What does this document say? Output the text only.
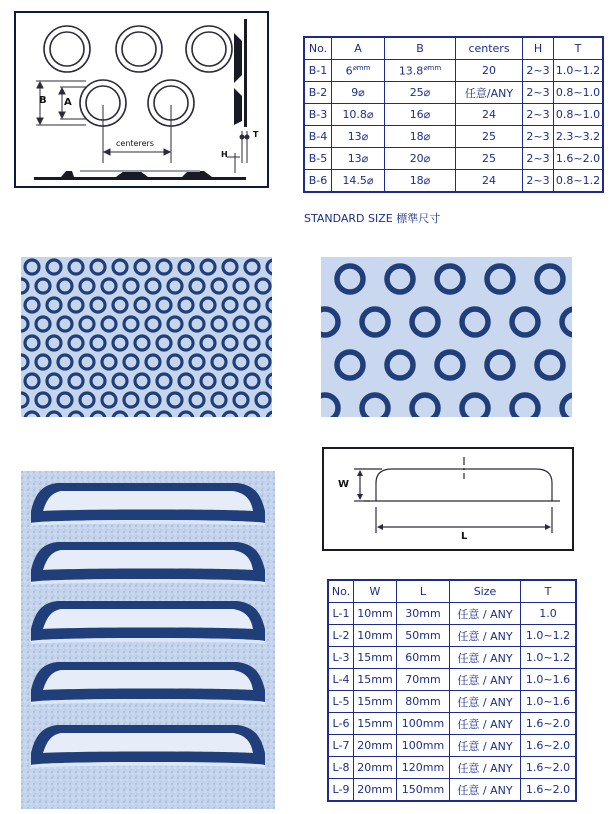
B A
centerers
T
H
No.	A	B	centers	H	T
B-1	$6^{⌀mm}$	$13.8^{⌀mm}$	20	2~3	1.0~1.2
B-2	9⌀	25⌀	任意/ANY	2~3	0.8~1.0
B-3	10.8⌀	16⌀	24	2~3	0.8~1.0
B-4	13⌀	18⌀	25	2~3	2.3~3.2
B-5	13⌀	20⌀	25	2~3	1.6~2.0
B-6	14.5⌀	18⌀	24	2~3	0.8~1.2
STANDARD SIZE 標準尺寸
W
L
No.	W	L	Size	T
L-1	10mm	30mm	任意 / ANY	1.0
L-2	10mm	50mm	任意 / ANY	1.0~1.2
L-3	15mm	60mm	任意 / ANY	1.0~1.2
L-4	15mm	70mm	任意 / ANY	1.0~1.6
L-5	15mm	80mm	任意 / ANY	1.0~1.6
L-6	15mm	100mm	任意 / ANY	1.6~2.0
L-7	20mm	100mm	任意 / ANY	1.6~2.0
L-8	20mm	120mm	任意 / ANY	1.6~2.0
L-9	20mm	150mm	任意 / ANY	1.6~2.0
